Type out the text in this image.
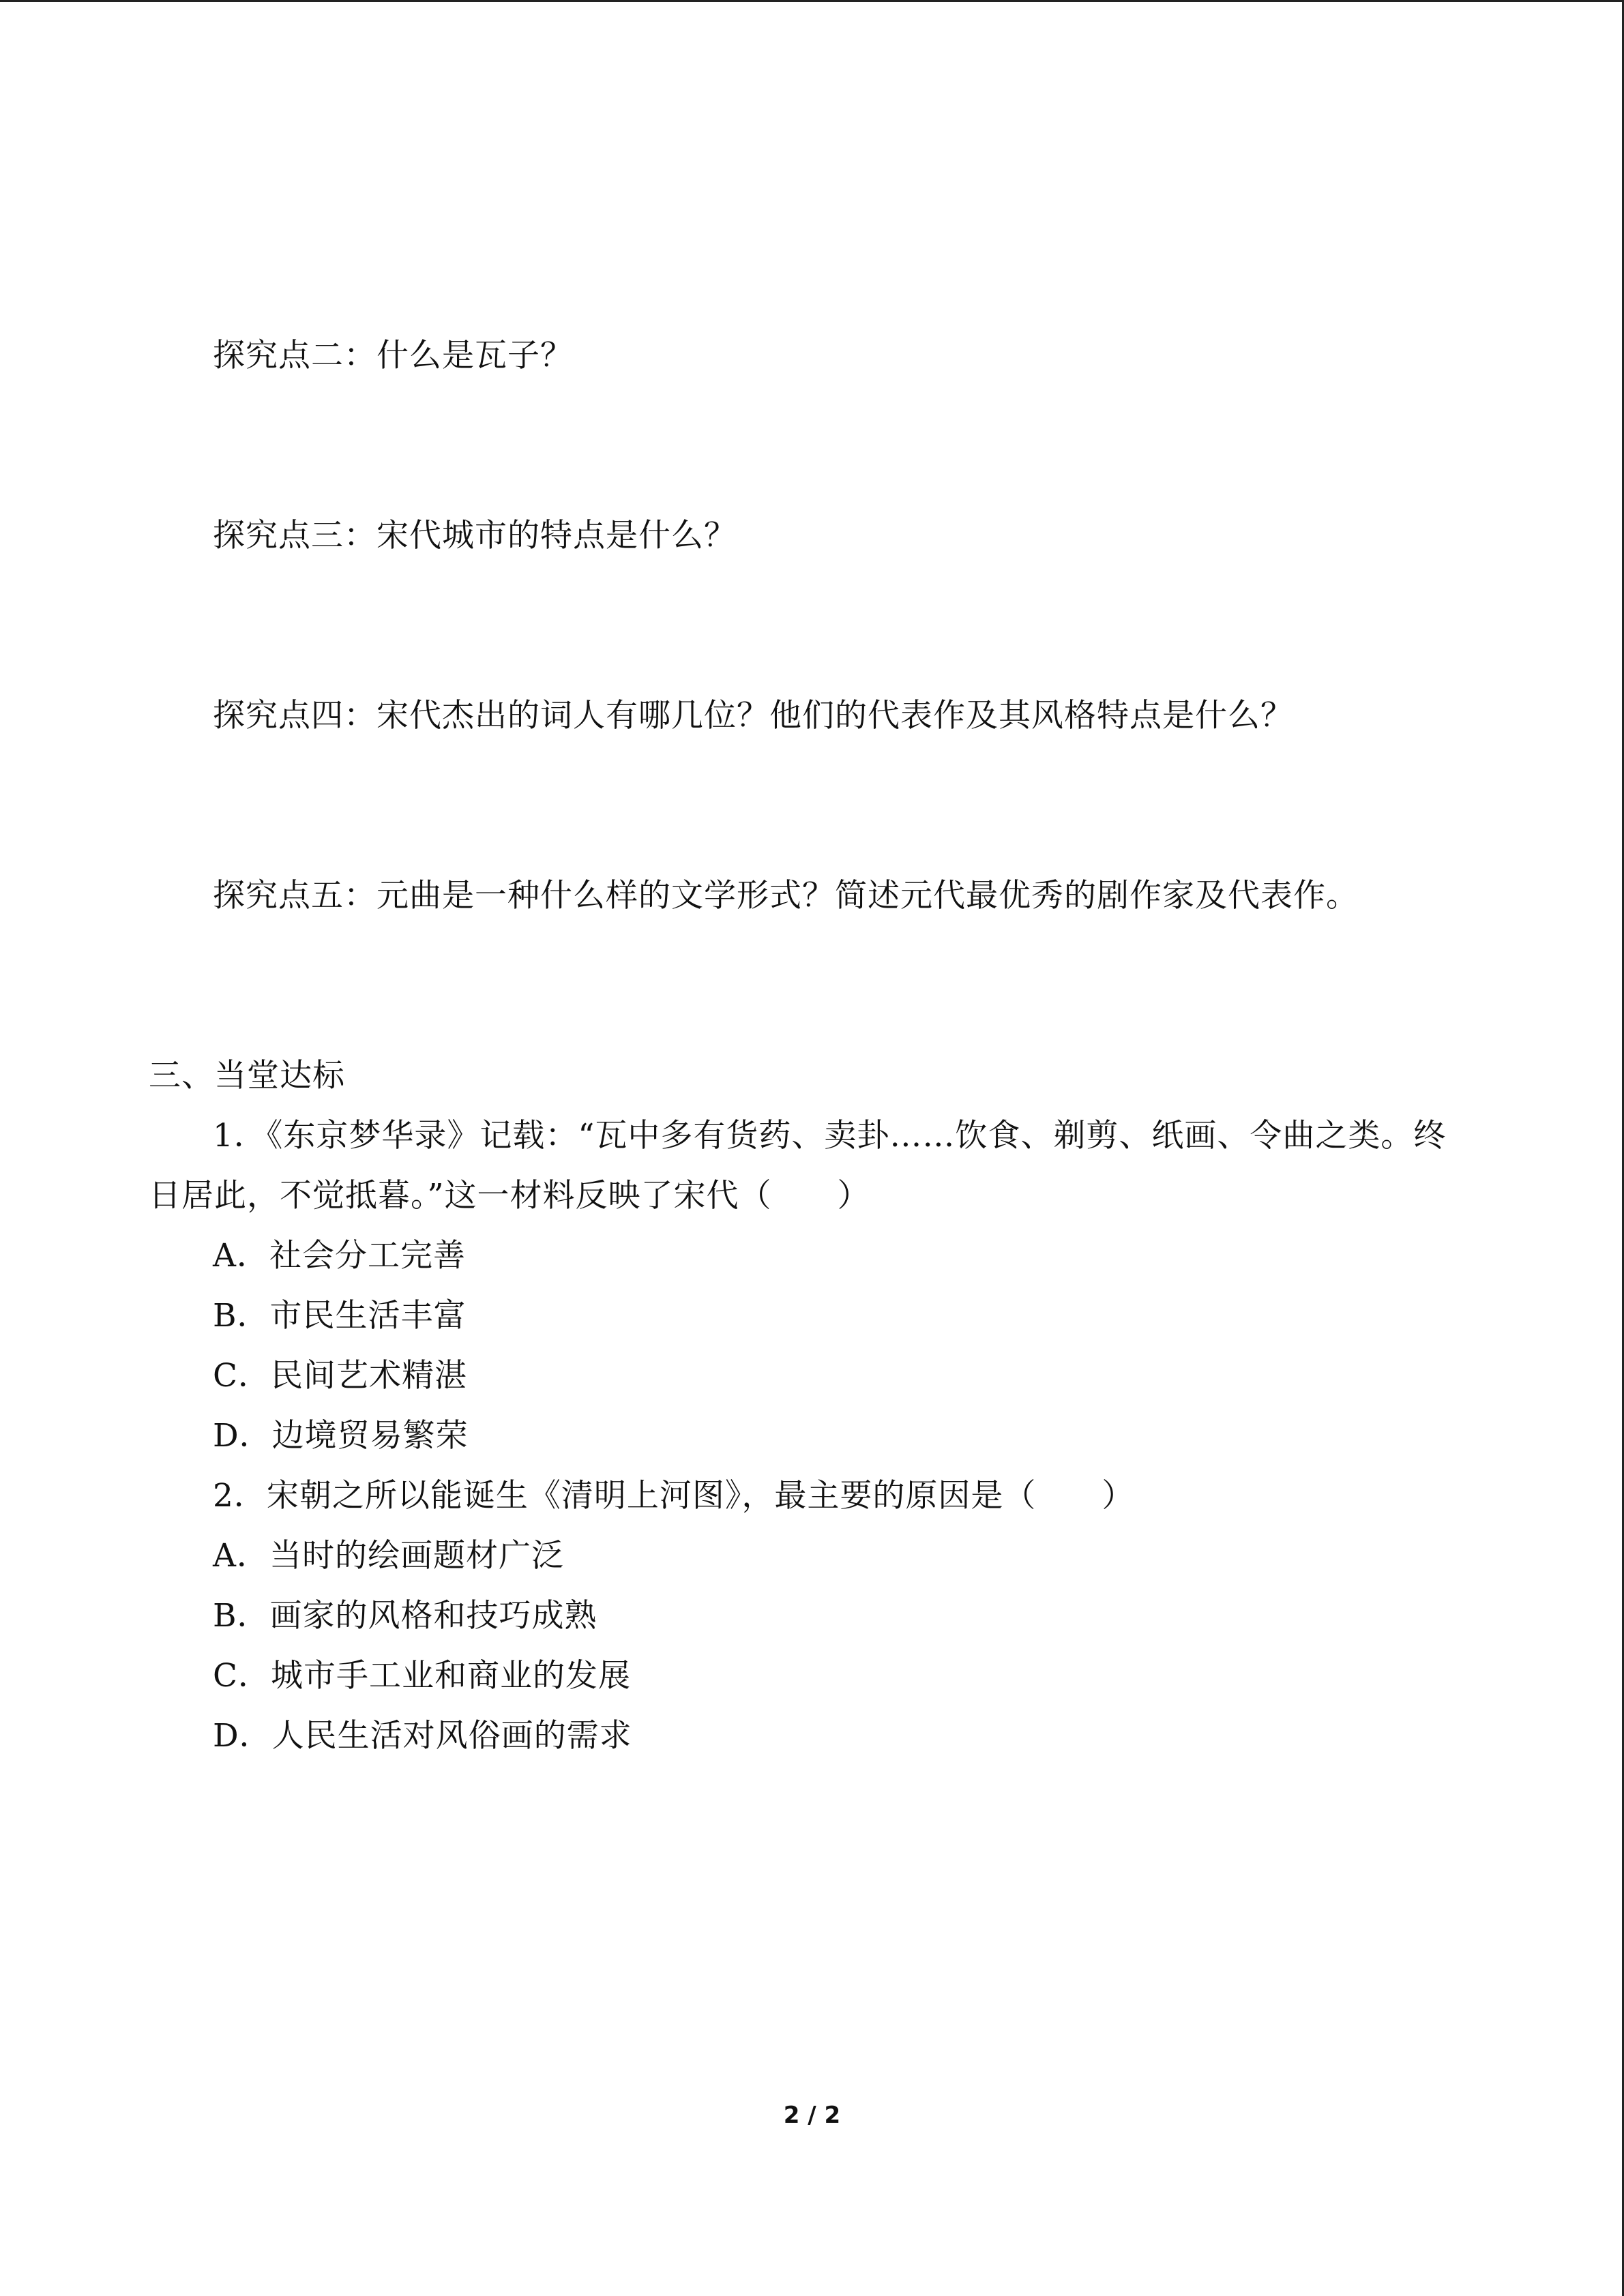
探究点二：什么是瓦子？
探究点三：宋代城市的特点是什么？
探究点四：宋代杰出的词人有哪几位？他们的代表作及其风格特点是什么？
探究点五：元曲是一种什么样的文学形式？简述元代最优秀的剧作家及代表作。
三、当堂达标
1．《东京梦华录》记载：“瓦中多有货药、卖卦……饮食、剃剪、纸画、令曲之类。终
日居此，不觉抵暮。”这一材料反映了宋代（　　）
A．社会分工完善
B．市民生活丰富
C．民间艺术精湛
D．边境贸易繁荣
2．宋朝之所以能诞生《清明上河图》，最主要的原因是（　　）
A．当时的绘画题材广泛
B．画家的风格和技巧成熟
C．城市手工业和商业的发展
D．人民生活对风俗画的需求
2 / 2
